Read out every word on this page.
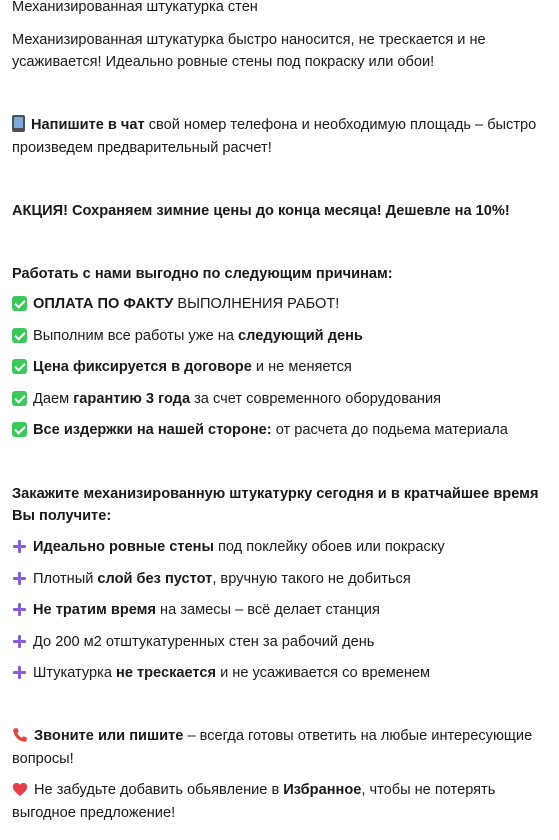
Механизированная штукатурка стен
Механизированная штукатурка быстро наносится, не трескается и не
усаживается! Идеально ровные стены под покраску или обои!
Напишите в чат свой номер телефона и необходимую площадь – быстро
произведем предварительный расчет!
АКЦИЯ! Сохраняем зимние цены до конца месяца! Дешевле на 10%!
Работать с нами выгодно по следующим причинам:
ОПЛАТА ПО ФАКТУ ВЫПОЛНЕНИЯ РАБОТ!
Выполним все работы уже на следующий день
Цена фиксируется в договоре и не меняется
Даем гарантию 3 года за счет современного оборудования
Все издержки на нашей стороне: от расчета до подьема материала
Закажите механизированную штукатурку сегодня и в кратчайшее время
Вы получите:
Идеально ровные стены под поклейку обоев или покраску
Плотный слой без пустот, вручную такого не добиться
Не тратим время на замесы – всё делает станция
До 200 м2 отштукатуренных стен за рабочий день
Штукатурка не трескается и не усаживается со временем
Звоните или пишите – всегда готовы ответить на любые интересующие
вопросы!
Не забудьте добавить обьявление в Избранное, чтобы не потерять
выгодное предложение!
